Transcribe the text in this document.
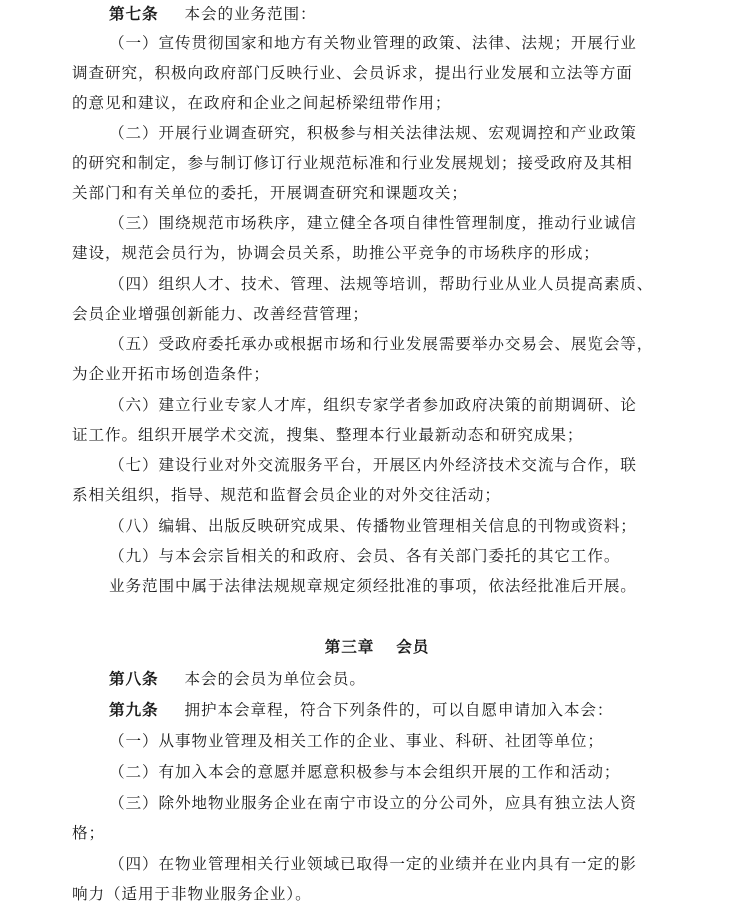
第七条 本会的业务范围：
（一）宣传贯彻国家和地方有关物业管理的政策、法律、法规；开展行业
调查研究，积极向政府部门反映行业、会员诉求，提出行业发展和立法等方面
的意见和建议，在政府和企业之间起桥梁纽带作用；
（二）开展行业调查研究，积极参与相关法律法规、宏观调控和产业政策
的研究和制定，参与制订修订行业规范标准和行业发展规划；接受政府及其相
关部门和有关单位的委托，开展调查研究和课题攻关；
（三）围绕规范市场秩序，建立健全各项自律性管理制度，推动行业诚信
建设，规范会员行为，协调会员关系，助推公平竞争的市场秩序的形成；
（四）组织人才、技术、管理、法规等培训，帮助行业从业人员提高素质、
会员企业增强创新能力、改善经营管理；
（五）受政府委托承办或根据市场和行业发展需要举办交易会、展览会等，
为企业开拓市场创造条件；
（六）建立行业专家人才库，组织专家学者参加政府决策的前期调研、论
证工作。组织开展学术交流，搜集、整理本行业最新动态和研究成果；
（七）建设行业对外交流服务平台，开展区内外经济技术交流与合作，联
系相关组织，指导、规范和监督会员企业的对外交往活动；
（八）编辑、出版反映研究成果、传播物业管理相关信息的刊物或资料；
（九）与本会宗旨相关的和政府、会员、各有关部门委托的其它工作。
业务范围中属于法律法规规章规定须经批准的事项，依法经批准后开展。
第三章 会员
第八条 本会的会员为单位会员。
第九条 拥护本会章程，符合下列条件的，可以自愿申请加入本会：
（一）从事物业管理及相关工作的企业、事业、科研、社团等单位；
（二）有加入本会的意愿并愿意积极参与本会组织开展的工作和活动；
（三）除外地物业服务企业在南宁市设立的分公司外，应具有独立法人资
格；
（四）在物业管理相关行业领域已取得一定的业绩并在业内具有一定的影
响力（适用于非物业服务企业）。
